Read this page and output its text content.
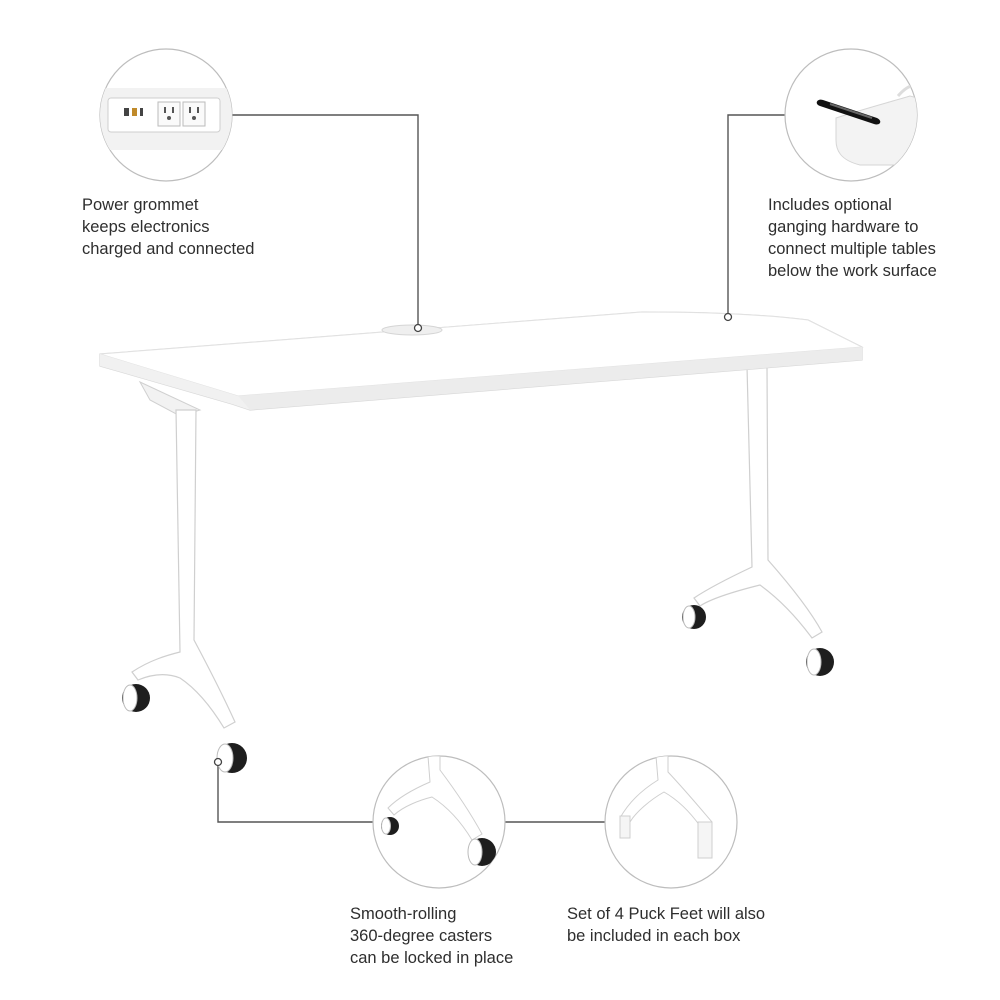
Power grommet
keeps electronics
charged and connected
Includes optional
ganging hardware to
connect multiple tables
below the work surface
Smooth-rolling
360-degree casters
can be locked in place
Set of 4 Puck Feet will also
be included in each box
